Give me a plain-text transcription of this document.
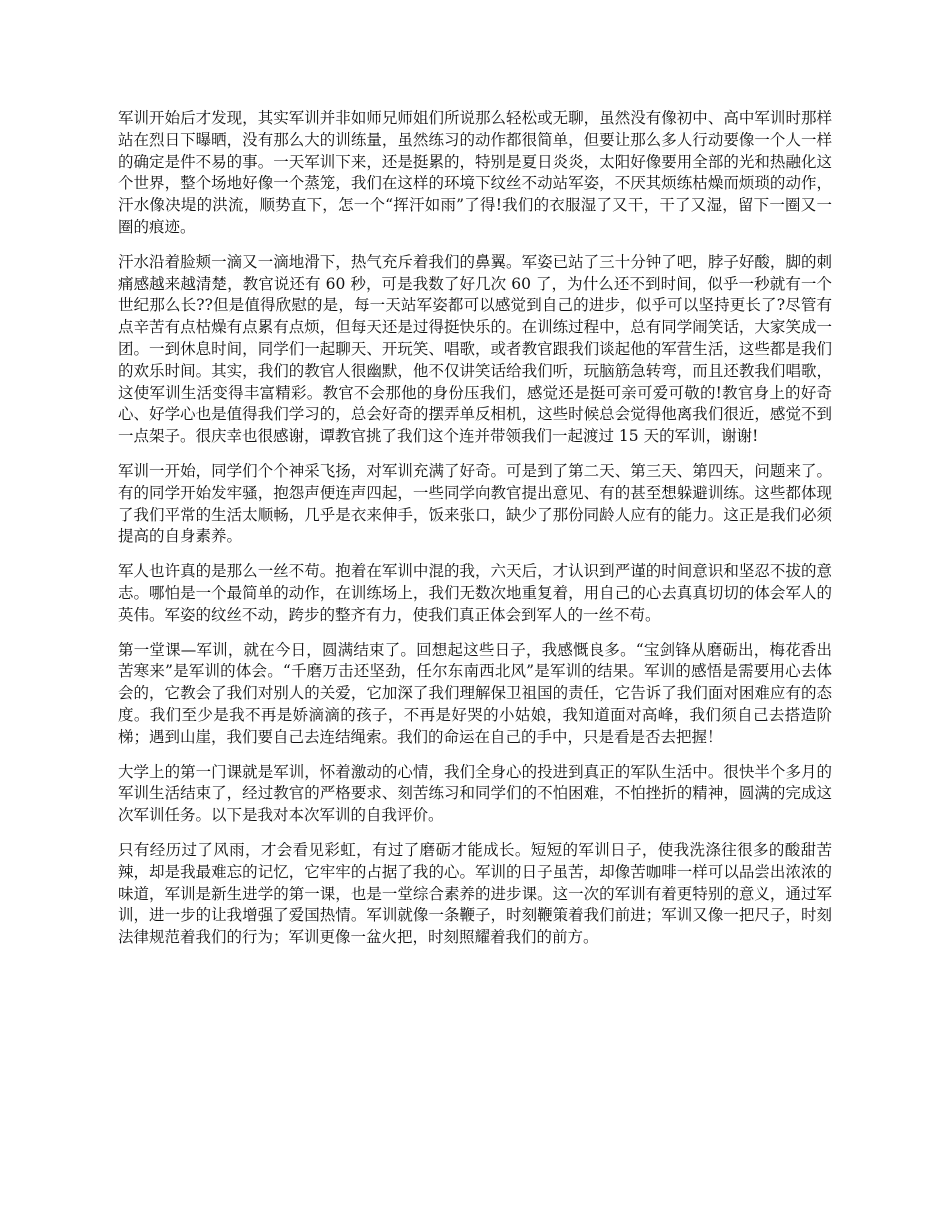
军训开始后才发现，其实军训并非如师兄师姐们所说那么轻松或无聊，虽然没有像初中、高中军训时那样站在烈日下曝晒，没有那么大的训练量，虽然练习的动作都很简单，但要让那么多人行动要像一个人一样的确定是件不易的事。一天军训下来，还是挺累的，特别是夏日炎炎，太阳好像要用全部的光和热融化这个世界，整个场地好像一个蒸笼，我们在这样的环境下纹丝不动站军姿，不厌其烦练枯燥而烦琐的动作，汗水像决堤的洪流，顺势直下，怎一个“挥汗如雨”了得!我们的衣服湿了又干，干了又湿，留下一圈又一圈的痕迹。

汗水沿着脸颊一滴又一滴地滑下，热气充斥着我们的鼻翼。军姿已站了三十分钟了吧，脖子好酸，脚的刺痛感越来越清楚，教官说还有 60 秒，可是我数了好几次 60 了，为什么还不到时间，似乎一秒就有一个世纪那么长??但是值得欣慰的是，每一天站军姿都可以感觉到自己的进步，似乎可以坚持更长了?尽管有点辛苦有点枯燥有点累有点烦，但每天还是过得挺快乐的。在训练过程中，总有同学闹笑话，大家笑成一团。一到休息时间，同学们一起聊天、开玩笑、唱歌，或者教官跟我们谈起他的军营生活，这些都是我们的欢乐时间。其实，我们的教官人很幽默，他不仅讲笑话给我们听，玩脑筋急转弯，而且还教我们唱歌，这使军训生活变得丰富精彩。教官不会那他的身份压我们，感觉还是挺可亲可爱可敬的!教官身上的好奇心、好学心也是值得我们学习的，总会好奇的摆弄单反相机，这些时候总会觉得他离我们很近，感觉不到一点架子。很庆幸也很感谢，谭教官挑了我们这个连并带领我们一起渡过 15 天的军训，谢谢!

军训一开始，同学们个个神采飞扬，对军训充满了好奇。可是到了第二天、第三天、第四天，问题来了。有的同学开始发牢骚，抱怨声便连声四起，一些同学向教官提出意见、有的甚至想躲避训练。这些都体现了我们平常的生活太顺畅，几乎是衣来伸手，饭来张口，缺少了那份同龄人应有的能力。这正是我们必须提高的自身素养。

军人也许真的是那么一丝不苟。抱着在军训中混的我，六天后，才认识到严谨的时间意识和坚忍不拔的意志。哪怕是一个最简单的动作，在训练场上，我们无数次地重复着，用自己的心去真真切切的体会军人的英伟。军姿的纹丝不动，跨步的整齐有力，使我们真正体会到军人的一丝不苟。

第一堂课—军训，就在今日，圆满结束了。回想起这些日子，我感慨良多。“宝剑锋从磨砺出，梅花香出苦寒来”是军训的体会。“千磨万击还坚劲，任尔东南西北风”是军训的结果。军训的感悟是需要用心去体会的，它教会了我们对别人的关爱，它加深了我们理解保卫祖国的责任，它告诉了我们面对困难应有的态度。我们至少是我不再是娇滴滴的孩子，不再是好哭的小姑娘，我知道面对高峰，我们须自己去搭造阶梯；遇到山崖，我们要自己去连结绳索。我们的命运在自己的手中，只是看是否去把握！

大学上的第一门课就是军训，怀着激动的心情，我们全身心的投进到真正的军队生活中。很快半个多月的军训生活结束了，经过教官的严格要求、刻苦练习和同学们的不怕困难，不怕挫折的精神，圆满的完成这次军训任务。以下是我对本次军训的自我评价。

只有经历过了风雨，才会看见彩虹，有过了磨砺才能成长。短短的军训日子，使我洗涤往很多的酸甜苦辣，却是我最难忘的记忆，它牢牢的占据了我的心。军训的日子虽苦，却像苦咖啡一样可以品尝出浓浓的味道，军训是新生进学的第一课，也是一堂综合素养的进步课。这一次的军训有着更特别的意义，通过军训，进一步的让我增强了爱国热情。军训就像一条鞭子，时刻鞭策着我们前进；军训又像一把尺子，时刻法律规范着我们的行为；军训更像一盆火把，时刻照耀着我们的前方。
